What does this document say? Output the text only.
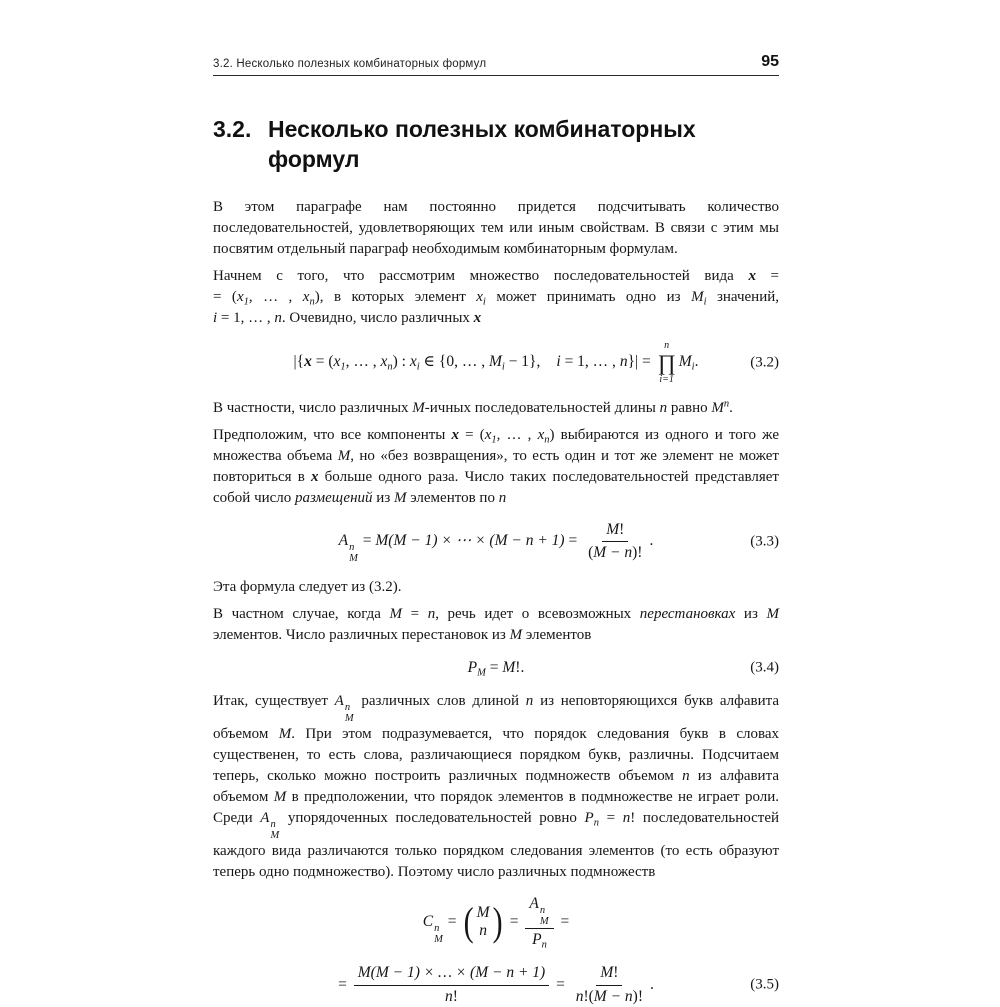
3.2. Несколько полезных комбинаторных формул	95
3.2. Несколько полезных комбинаторных формул
В этом параграфе нам постоянно придется подсчитывать количество последовательностей, удовлетворяющих тем или иным свойствам. В связи с этим мы посвятим отдельный параграф необходимым комбинаторным формулам.
Начнем с того, что рассмотрим множество последовательностей вида x =
= ($x_1$, … , $x_n$), в которых элемент $x_i$ может принимать одно из $M_i$ значений,
i = 1, … , n. Очевидно, число различных x
$|\{x = (x_1$, … , $x_n$) : $x_i$ ∈ {0, … , $M_i - 1$}, i = 1, … , n}| =
n
∏
i=1
$M_i$.	(3.2)
В частности, число различных M-ичных последовательностей длины n равно $M^n$.
Предположим, что все компоненты $x = (x_1$, … , $x_n$) выбираются из одного и того же множества объема M, но «без возвращения», то есть один и тот же элемент не может повториться в x больше одного раза. Число таких последовательностей представляет собой число размещений из M элементов по n
A n
M
= M(M − 1) × ⋯ × $(M - n + 1) = \frac{M!}{(M - n)!}$ .	(3.3)
Эта формула следует из (3.2).
В частном случае, когда M = n, речь идет о всевозможных перестановках из M элементов. Число различных перестановок из M элементов
$P_M = M$!.	(3.4)
Итак, существует A n
M
различных слов длиной n из неповторяющихся букв алфавита объемом M. При этом подразумевается, что порядок следования букв в словах существенен, то есть слова, различающиеся порядком букв, различны. Подсчитаем теперь, сколько можно построить различных подмножеств объемом n из алфавита объемом M в предположении, что порядок элементов в подмножестве не играет роли. Среди A n
M
упорядоченных последовательностей ровно $P_n = n$! последовательностей каждого вида различаются только порядком следования элементов (то есть образуют теперь одно подмножество). Поэтому число различных подмножеств
C n
M
= ( M
n ) = A n
M
$P_n$ =
= $\frac{M(M - 1) \times \dots \times (M - n + 1)}{n!} = \frac{M!}{n!(M - n)!}$ .	(3.5)
